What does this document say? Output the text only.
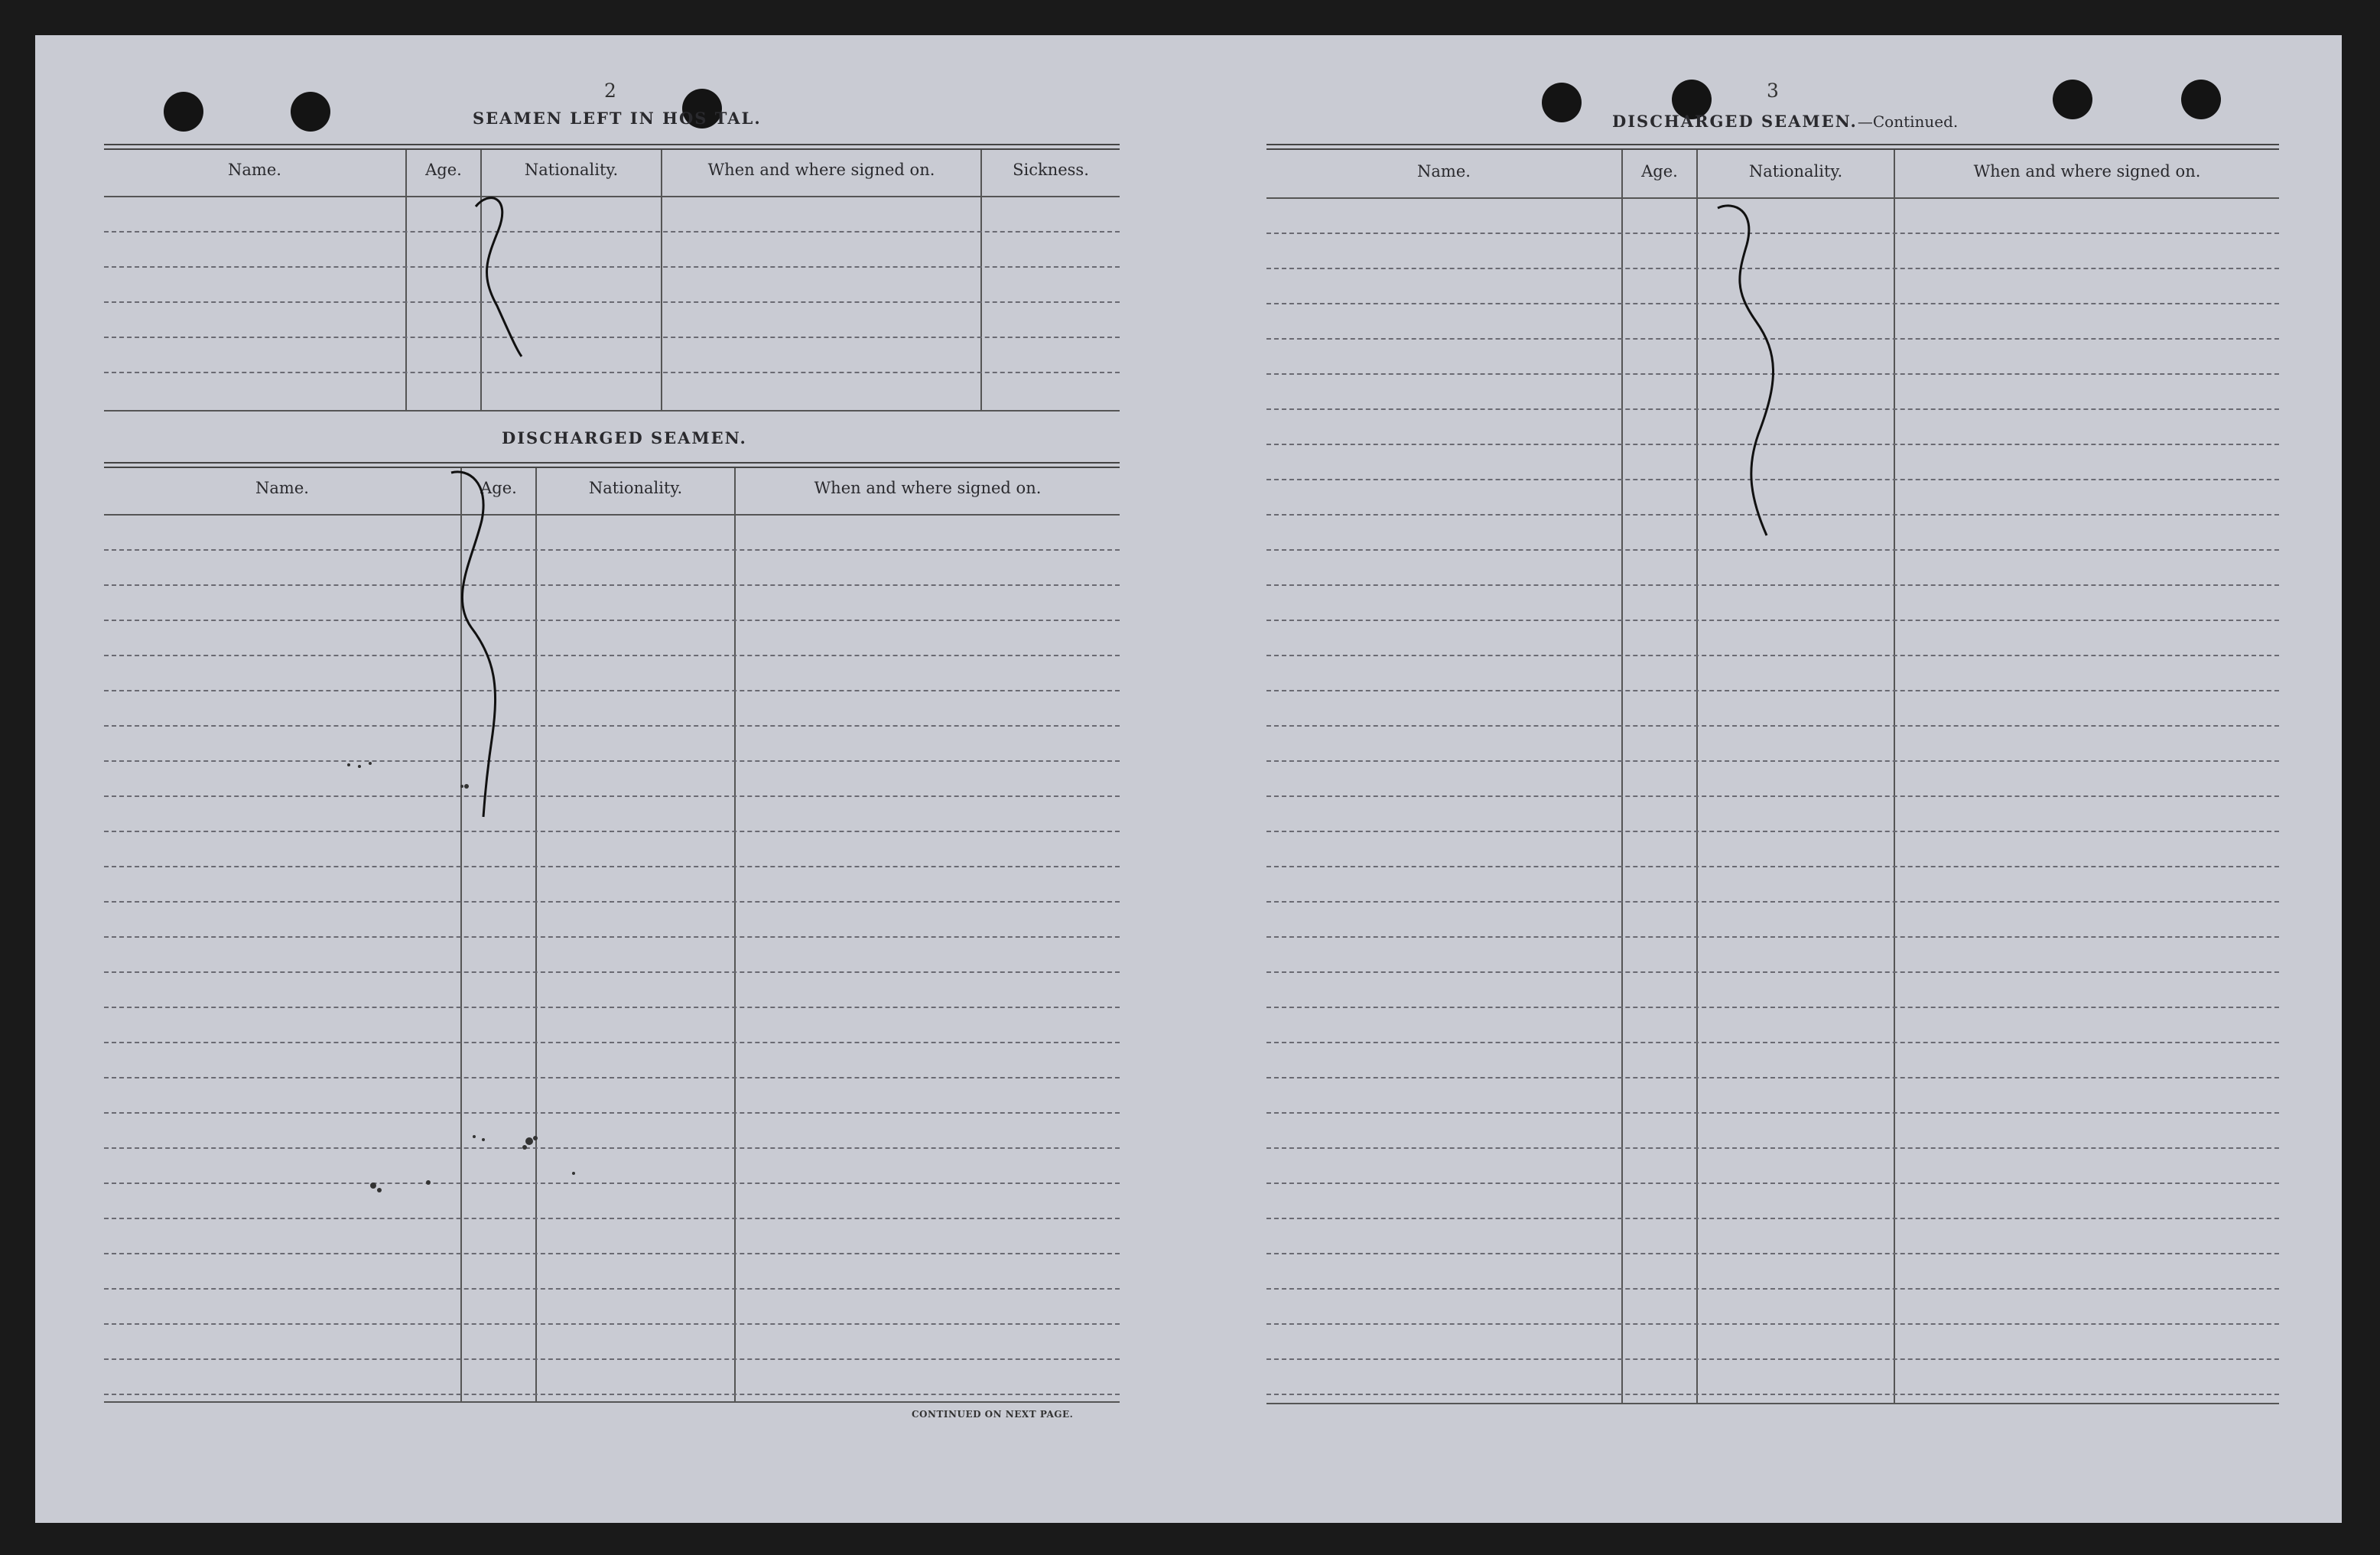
2
SEAMEN LEFT IN HOS TAL.
Name.	Age.	Nationality.	When and where signed on.	Sickness.
DISCHARGED SEAMEN.
Name.	Age.	Nationality.	When and where signed on.
CONTINUED ON NEXT PAGE.
3
DISCHARGED SEAMEN.—Continued.
Name.	Age.	Nationality.	When and where signed on.
